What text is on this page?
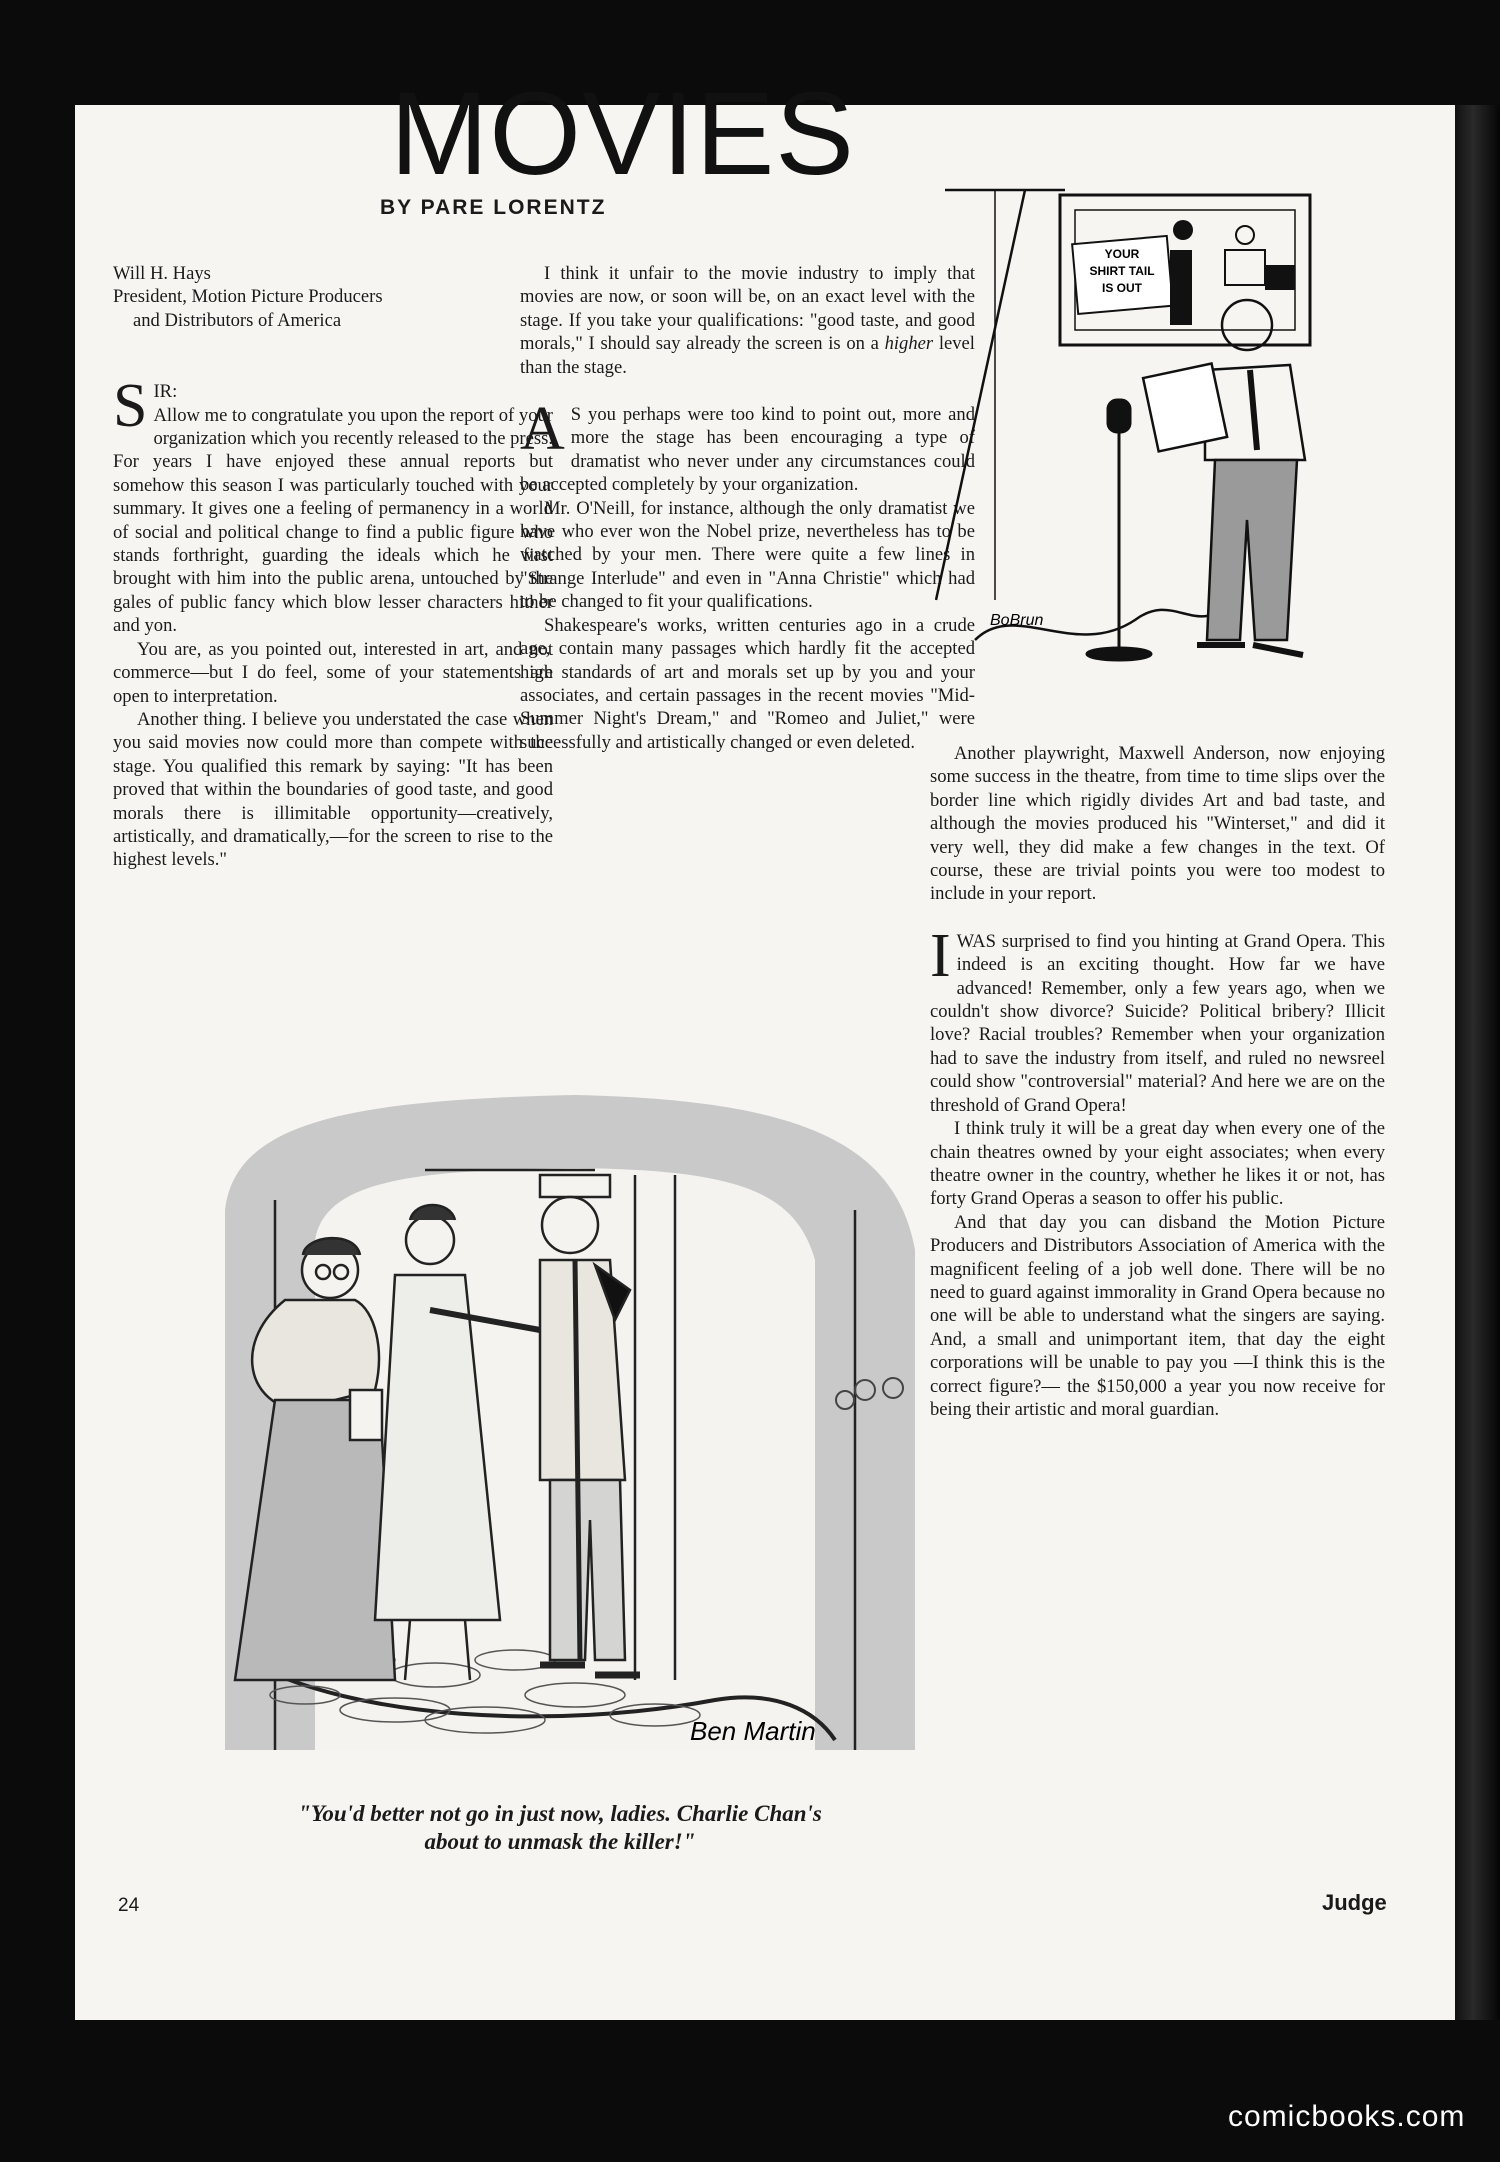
MOVIES
BY PARE LORENTZ

Will H. Hays

President, Motion Picture Producers

and Distributors of America

SIR:
Allow me to congratulate you upon the report of your organization which you recently released to the press. For years I have enjoyed these annual reports but somehow this season I was particularly touched with your summary. It gives one a feeling of permanency in a world of social and political change to find a public figure who stands forthright, guarding the ideals which he first brought with him into the public arena, untouched by the gales of public fancy which blow lesser characters hither and yon.

You are, as you pointed out, interested in art, and not commerce—but I do feel, some of your statements are open to interpretation.

Another thing. I believe you understated the case when you said movies now could more than compete with the stage. You qualified this remark by saying: "It has been proved that within the boundaries of good taste, and good morals there is illimitable opportunity—creatively, artistically, and dramatically,—for the screen to rise to the highest levels."

I think it unfair to the movie industry to imply that movies are now, or soon will be, on an exact level with the stage. If you take your qualifications: "good taste, and good morals," I should say already the screen is on a higher level than the stage.

A S you perhaps were too kind to point out, more and more the stage has been encouraging a type of dramatist who never under any circumstances could be accepted completely by your organization.

Mr. O'Neill, for instance, although the only dramatist we have who ever won the Nobel prize, nevertheless has to be watched by your men. There were quite a few lines in "Strange Interlude" and even in "Anna Christie" which had to be changed to fit your qualifications.

Shakespeare's works, written centuries ago in a crude age, contain many passages which hardly fit the accepted high standards of art and morals set up by you and your associates, and certain passages in the recent movies "Mid-Summer Night's Dream," and "Romeo and Juliet," were successfully and artistically changed or even deleted.

Another playwright, Maxwell Anderson, now enjoying some success in the theatre, from time to time slips over the border line which rigidly divides Art and bad taste, and although the movies produced his "Winterset," and did it very well, they did make a few changes in the text. Of course, these are trivial points you were too modest to include in your report.

IWAS surprised to find you hinting at Grand Opera. This indeed is an exciting thought. How far we have advanced! Remember, only a few years ago, when we couldn't show divorce? Suicide? Political bribery? Illicit love? Racial troubles? Remember when your organization had to save the industry from itself, and ruled no newsreel could show "controversial" material? And here we are on the threshold of Grand Opera!

I think truly it will be a great day when every one of the chain theatres owned by your eight associates; when every theatre owner in the country, whether he likes it or not, has forty Grand Operas a season to offer his public.

And that day you can disband the Motion Picture Producers and Distributors Association of America with the magnificent feeling of a job well done. There will be no need to guard against immorality in Grand Opera because no one will be able to understand what the singers are saying. And, a small and unimportant item, that day the eight corporations will be unable to pay you —I think this is the correct figure?— the $150,000 a year you now receive for being their artistic and moral guardian.

YOUR
SHIRT TAIL
IS OUT
BoBrun
Ben Martin
"You'd better not go in just now, ladies. Charlie Chan's
about to unmask the killer!"
24	Judge
comicbooks.com
